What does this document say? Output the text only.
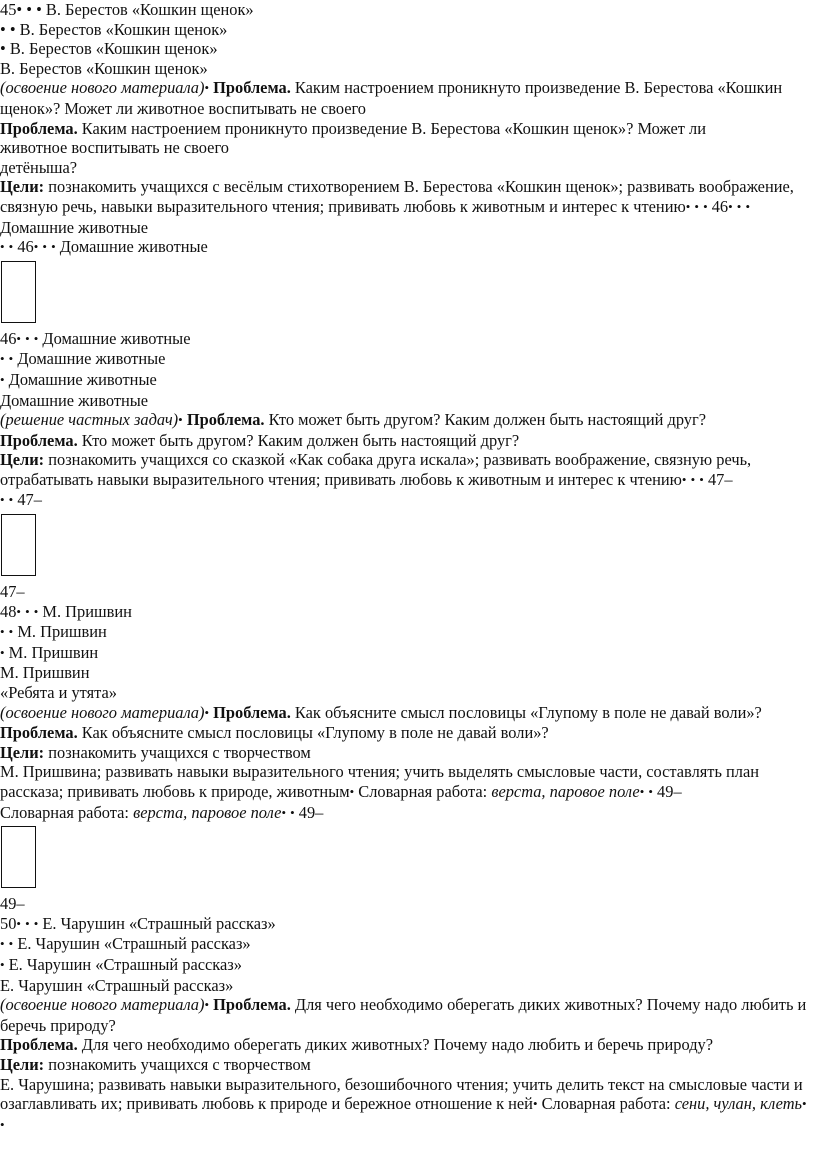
45• • • В. Берестов «Кошкин щенок»
• • В. Берестов «Кошкин щенок»
• В. Берестов «Кошкин щенок»
В. Берестов «Кошкин щенок»
(освоение нового материала)• Проблема. Каким настроением проникнуто произведение В. Берестова «Кошкин щенок»? Может ли животное воспитывать не своего
Проблема. Каким настроением проникнуто произведение В. Берестова «Кошкин щенок»? Может ли
животное воспитывать не своего
детёныша?
Цели: познакомить учащихся с весёлым стихотворением В. Берестова «Кошкин щенок»; развивать воображение, связную речь, навыки выразительного чтения; прививать любовь к животным и интерес к чтению• • • 46• • • Домашние животные
• • 46• • • Домашние животные
46• • • Домашние животные
• • Домашние животные
• Домашние животные
Домашние животные
(решение частных задач)• Проблема. Кто может быть другом? Каким должен быть настоящий друг?
Проблема. Кто может быть другом? Каким должен быть настоящий друг?
Цели: познакомить учащихся со сказкой «Как собака друга искала»; развивать воображение, связную речь, отрабатывать навыки выразительного чтения; прививать любовь к животным и интерес к чтению• • • 47–
• • 47–
47–
48• • • М. Пришвин
• • М. Пришвин
• М. Пришвин
М. Пришвин
«Ребята и утята»
(освоение нового материала)• Проблема. Как объясните смысл пословицы «Глупому в поле не давай воли»?
Проблема. Как объясните смысл пословицы «Глупому в поле не давай воли»?
Цели: познакомить учащихся с творчеством
М. Пришвина; развивать навыки выразительного чтения; учить выделять смысловые части, составлять план рассказа; прививать любовь к природе, животным• Словарная работа: верста, паровое поле• • 49–
Словарная работа: верста, паровое поле• • 49–
49–
50• • • Е. Чарушин «Страшный рассказ»
• • Е. Чарушин «Страшный рассказ»
• Е. Чарушин «Страшный рассказ»
Е. Чарушин «Страшный рассказ»
(освоение нового материала)• Проблема. Для чего необходимо оберегать диких животных? Почему надо любить и беречь природу?
Проблема. Для чего необходимо оберегать диких животных? Почему надо любить и беречь природу?
Цели: познакомить учащихся с творчеством
Е. Чарушина; развивать навыки выразительного, безошибочного чтения; учить делить текст на смысловые части и озаглавливать их; прививать любовь к природе и бережное отношение к ней• Словарная работа: сени, чулан, клеть• •
